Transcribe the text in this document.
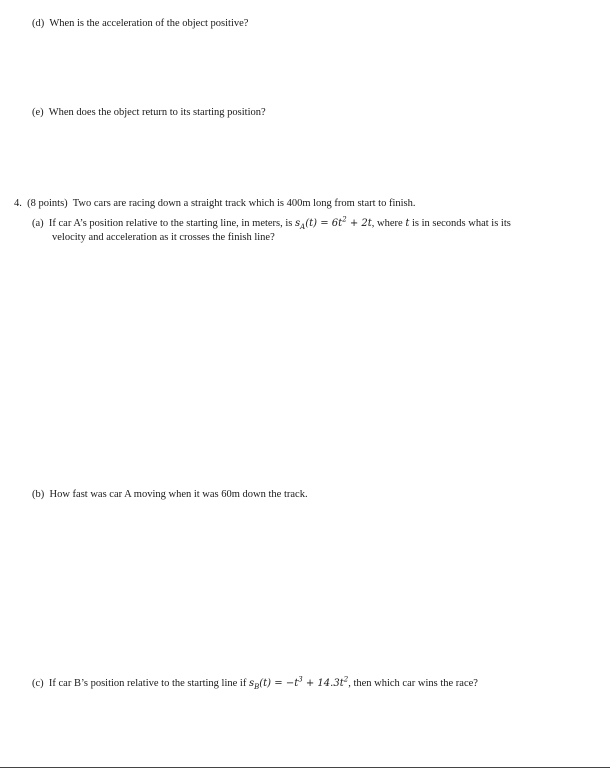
(d) When is the acceleration of the object positive?
(e) When does the object return to its starting position?
4. (8 points) Two cars are racing down a straight track which is 400m long from start to finish.
(a) If car A’s position relative to the starting line, in meters, is $s_A(t) = 6t^2 + 2t$, where t is in seconds what is its
velocity and acceleration as it crosses the finish line?
(b) How fast was car A moving when it was 60m down the track.
(c) If car B’s position relative to the starting line if $s_B(t) = -t^3 + 14.3t^2$, then which car wins the race?
